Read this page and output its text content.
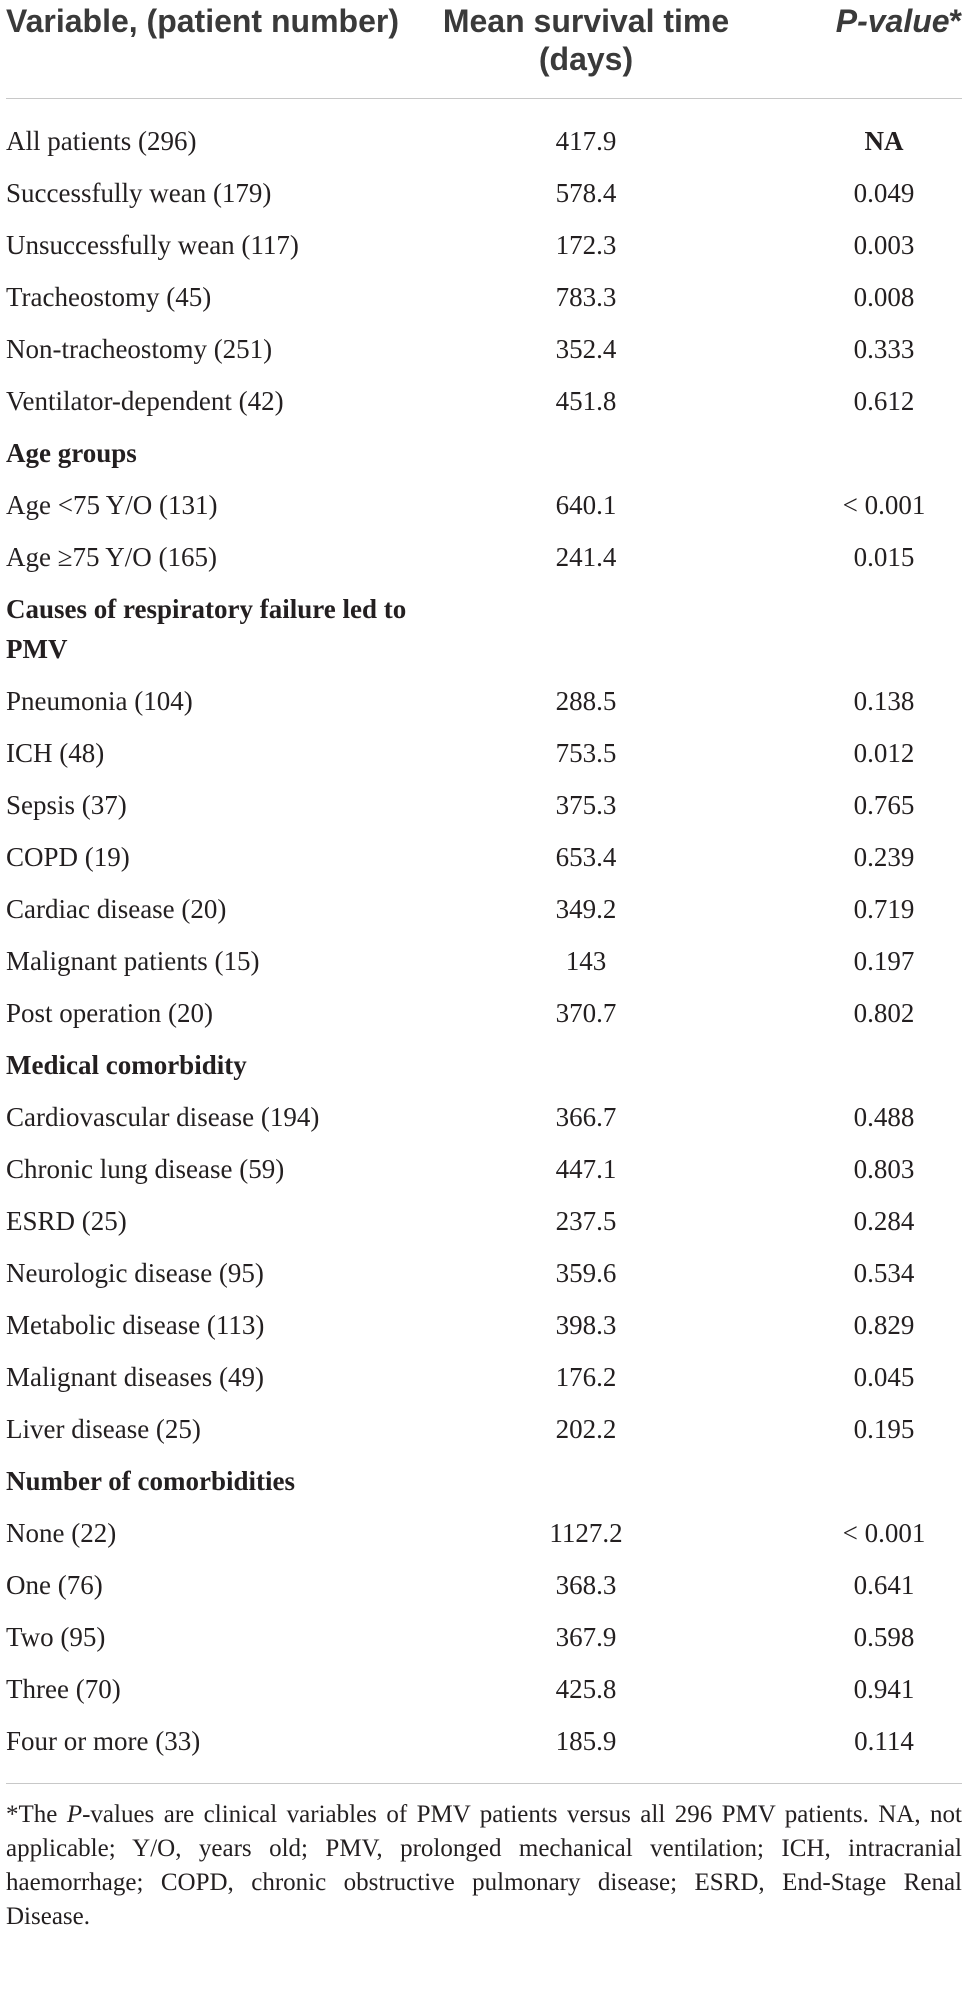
Variable, (patient number)	Mean survival time (days)	P-value*
All patients (296)	417.9	NA
Successfully wean (179)	578.4	0.049
Unsuccessfully wean (117)	172.3	0.003
Tracheostomy (45)	783.3	0.008
Non-tracheostomy (251)	352.4	0.333
Ventilator-dependent (42)	451.8	0.612
Age groups		
Age <75 Y/O (131)	640.1	< 0.001
Age ≥75 Y/O (165)	241.4	0.015
Causes of respiratory failure led to PMV		
Pneumonia (104)	288.5	0.138
ICH (48)	753.5	0.012
Sepsis (37)	375.3	0.765
COPD (19)	653.4	0.239
Cardiac disease (20)	349.2	0.719
Malignant patients (15)	143	0.197
Post operation (20)	370.7	0.802
Medical comorbidity		
Cardiovascular disease (194)	366.7	0.488
Chronic lung disease (59)	447.1	0.803
ESRD (25)	237.5	0.284
Neurologic disease (95)	359.6	0.534
Metabolic disease (113)	398.3	0.829
Malignant diseases (49)	176.2	0.045
Liver disease (25)	202.2	0.195
Number of comorbidities		
None (22)	1127.2	< 0.001
One (76)	368.3	0.641
Two (95)	367.9	0.598
Three (70)	425.8	0.941
Four or more (33)	185.9	0.114
*The P-values are clinical variables of PMV patients versus all 296 PMV patients. NA, not applicable; Y/O, years old; PMV, prolonged mechanical ventilation; ICH, intracranial haemorrhage; COPD, chronic obstructive pulmonary disease; ESRD, End-Stage Renal Disease.
